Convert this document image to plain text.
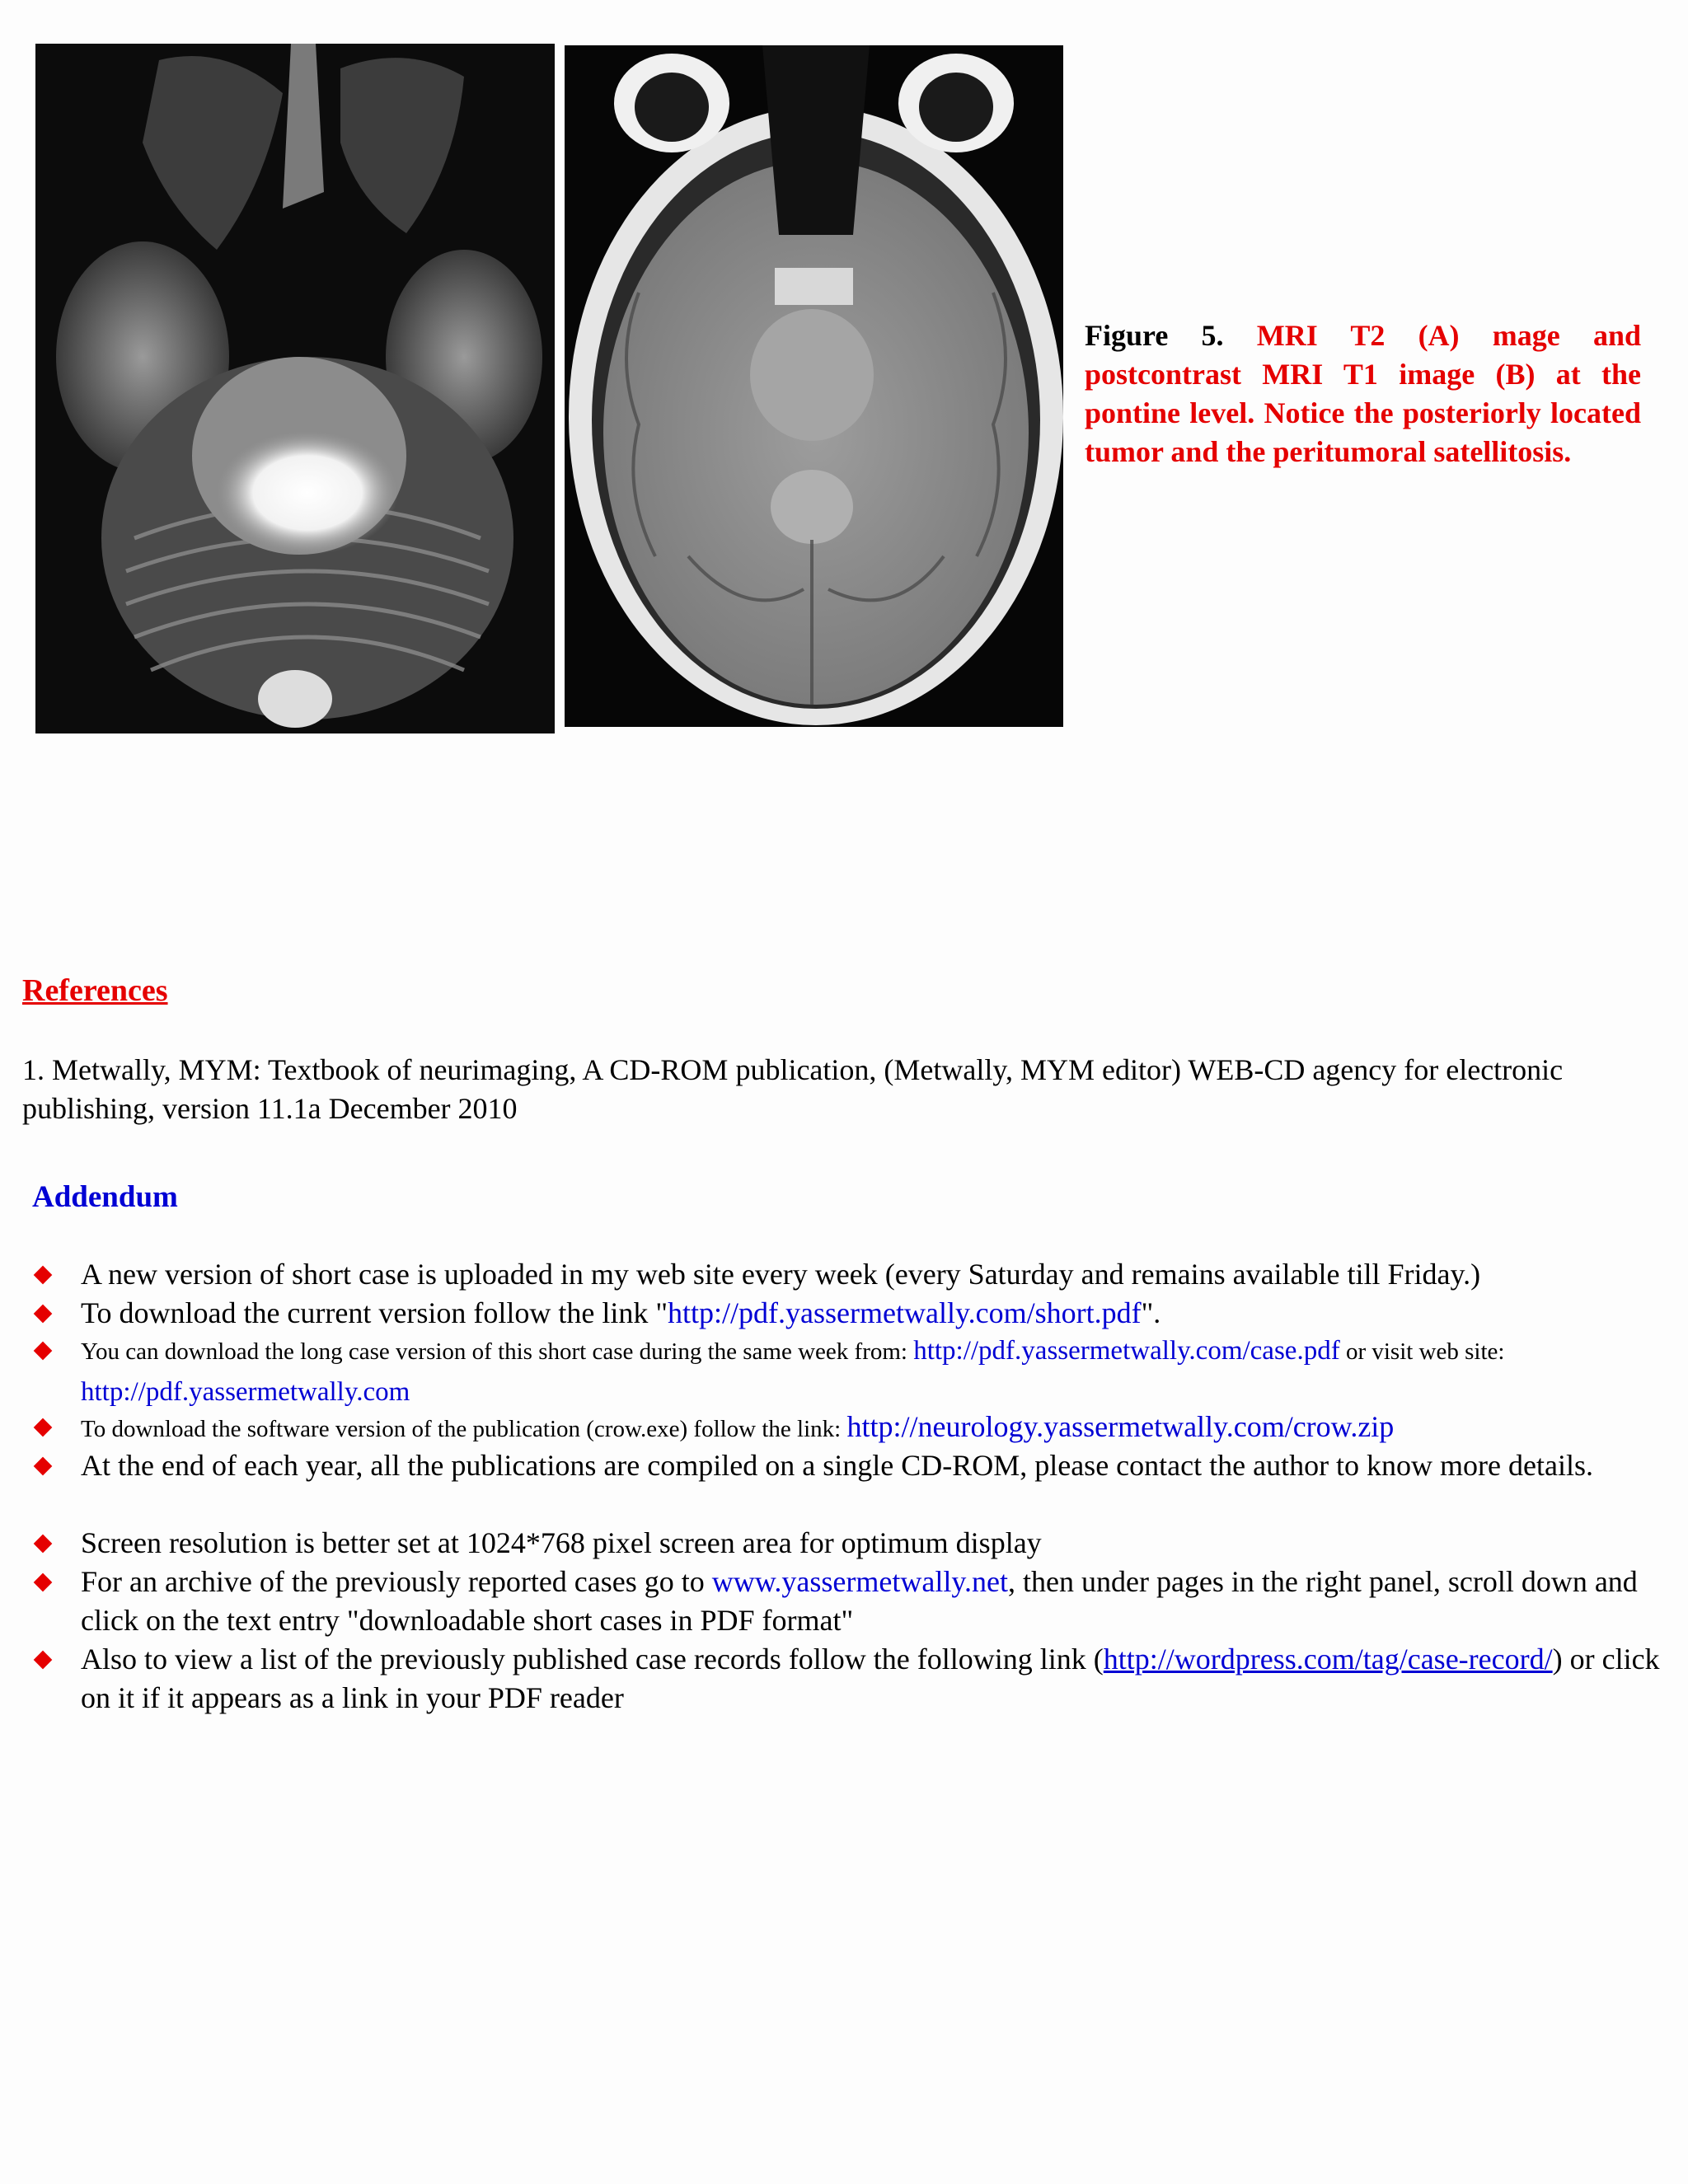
Figure 5. MRI T2 (A) mage and postcontrast MRI T1 image (B) at the pontine level. Notice the posteriorly located tumor and the peritumoral satellitosis.
References
1. Metwally, MYM: Textbook of neurimaging, A CD-ROM publication, (Metwally, MYM editor) WEB-CD agency for electronic publishing, version 11.1a December 2010
Addendum
A new version of short case is uploaded in my web site every week (every Saturday and remains available till Friday.)
To download the current version follow the link "http://pdf.yassermetwally.com/short.pdf".
You can download the long case version of this short case during the same week from: http://pdf.yassermetwally.com/case.pdf or visit web site: http://pdf.yassermetwally.com
To download the software version of the publication (crow.exe) follow the link: http://neurology.yassermetwally.com/crow.zip
At the end of each year, all the publications are compiled on a single CD-ROM, please contact the author to know more details.
Screen resolution is better set at 1024*768 pixel screen area for optimum display
For an archive of the previously reported cases go to www.yassermetwally.net, then under pages in the right panel, scroll down and click on the text entry "downloadable short cases in PDF format"
Also to view a list of the previously published case records follow the following link (http://wordpress.com/tag/case-record/) or click on it if it appears as a link in your PDF reader
